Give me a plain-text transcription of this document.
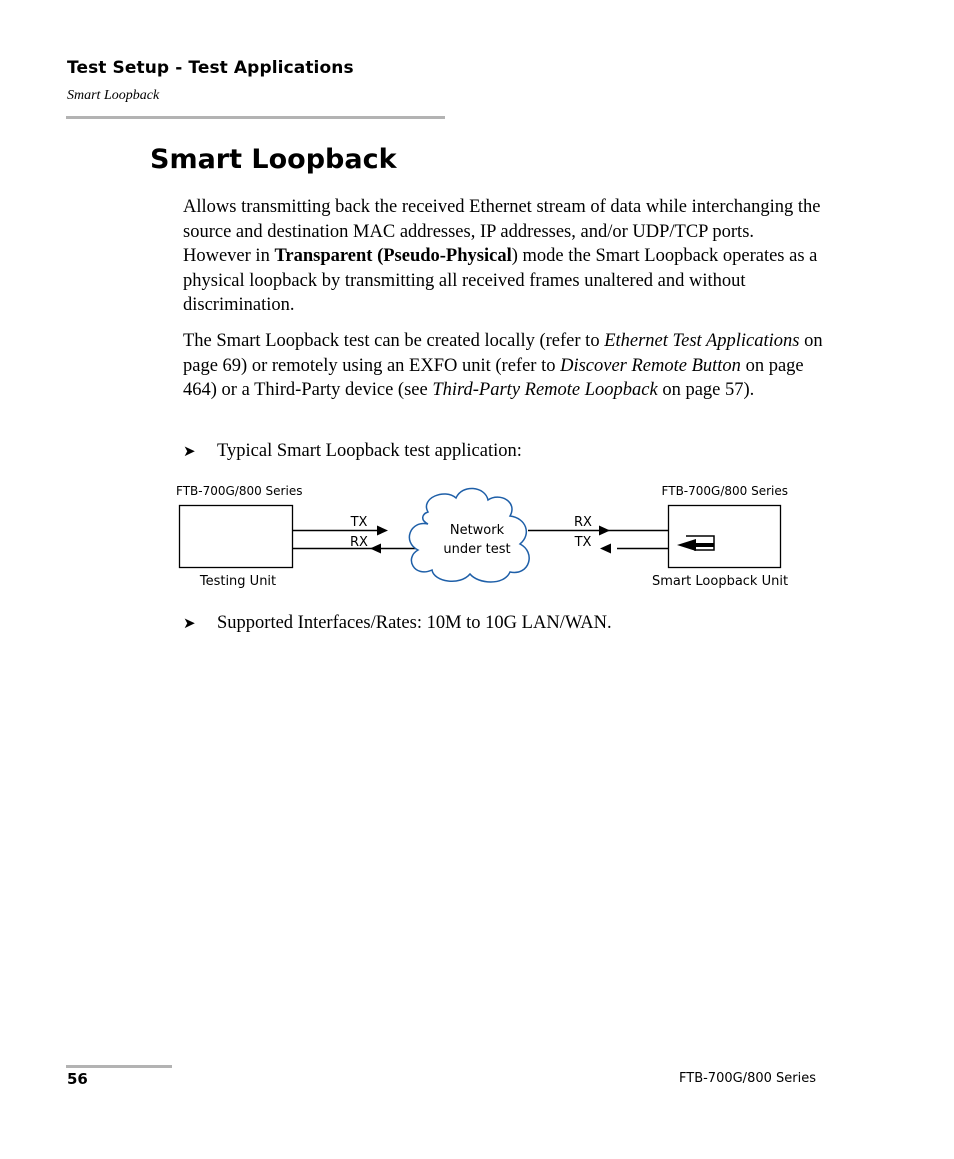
Test Setup - Test Applications
Smart Loopback
Smart Loopback

Allows transmitting back the received Ethernet stream of data while interchanging the source and destination MAC addresses, IP addresses, and/or UDP/TCP ports. However in Transparent (Pseudo-Physical) mode the Smart Loopback operates as a physical loopback by transmitting all received frames unaltered and without discrimination.

The Smart Loopback test can be created locally (refer to Ethernet Test Applications on page 69) or remotely using an EXFO unit (refer to Discover Remote Button on page 464) or a Third-Party device (see Third-Party Remote Loopback on page 57).

➤ Typical Smart Loopback test application:
FTB-700G/800 Series	FTB-700G/800 Series
Testing Unit	Smart Loopback Unit
TX
RX
RX
TX
Network
under test
➤ Supported Interfaces/Rates: 10M to 10G LAN/WAN.
56	FTB-700G/800 Series
